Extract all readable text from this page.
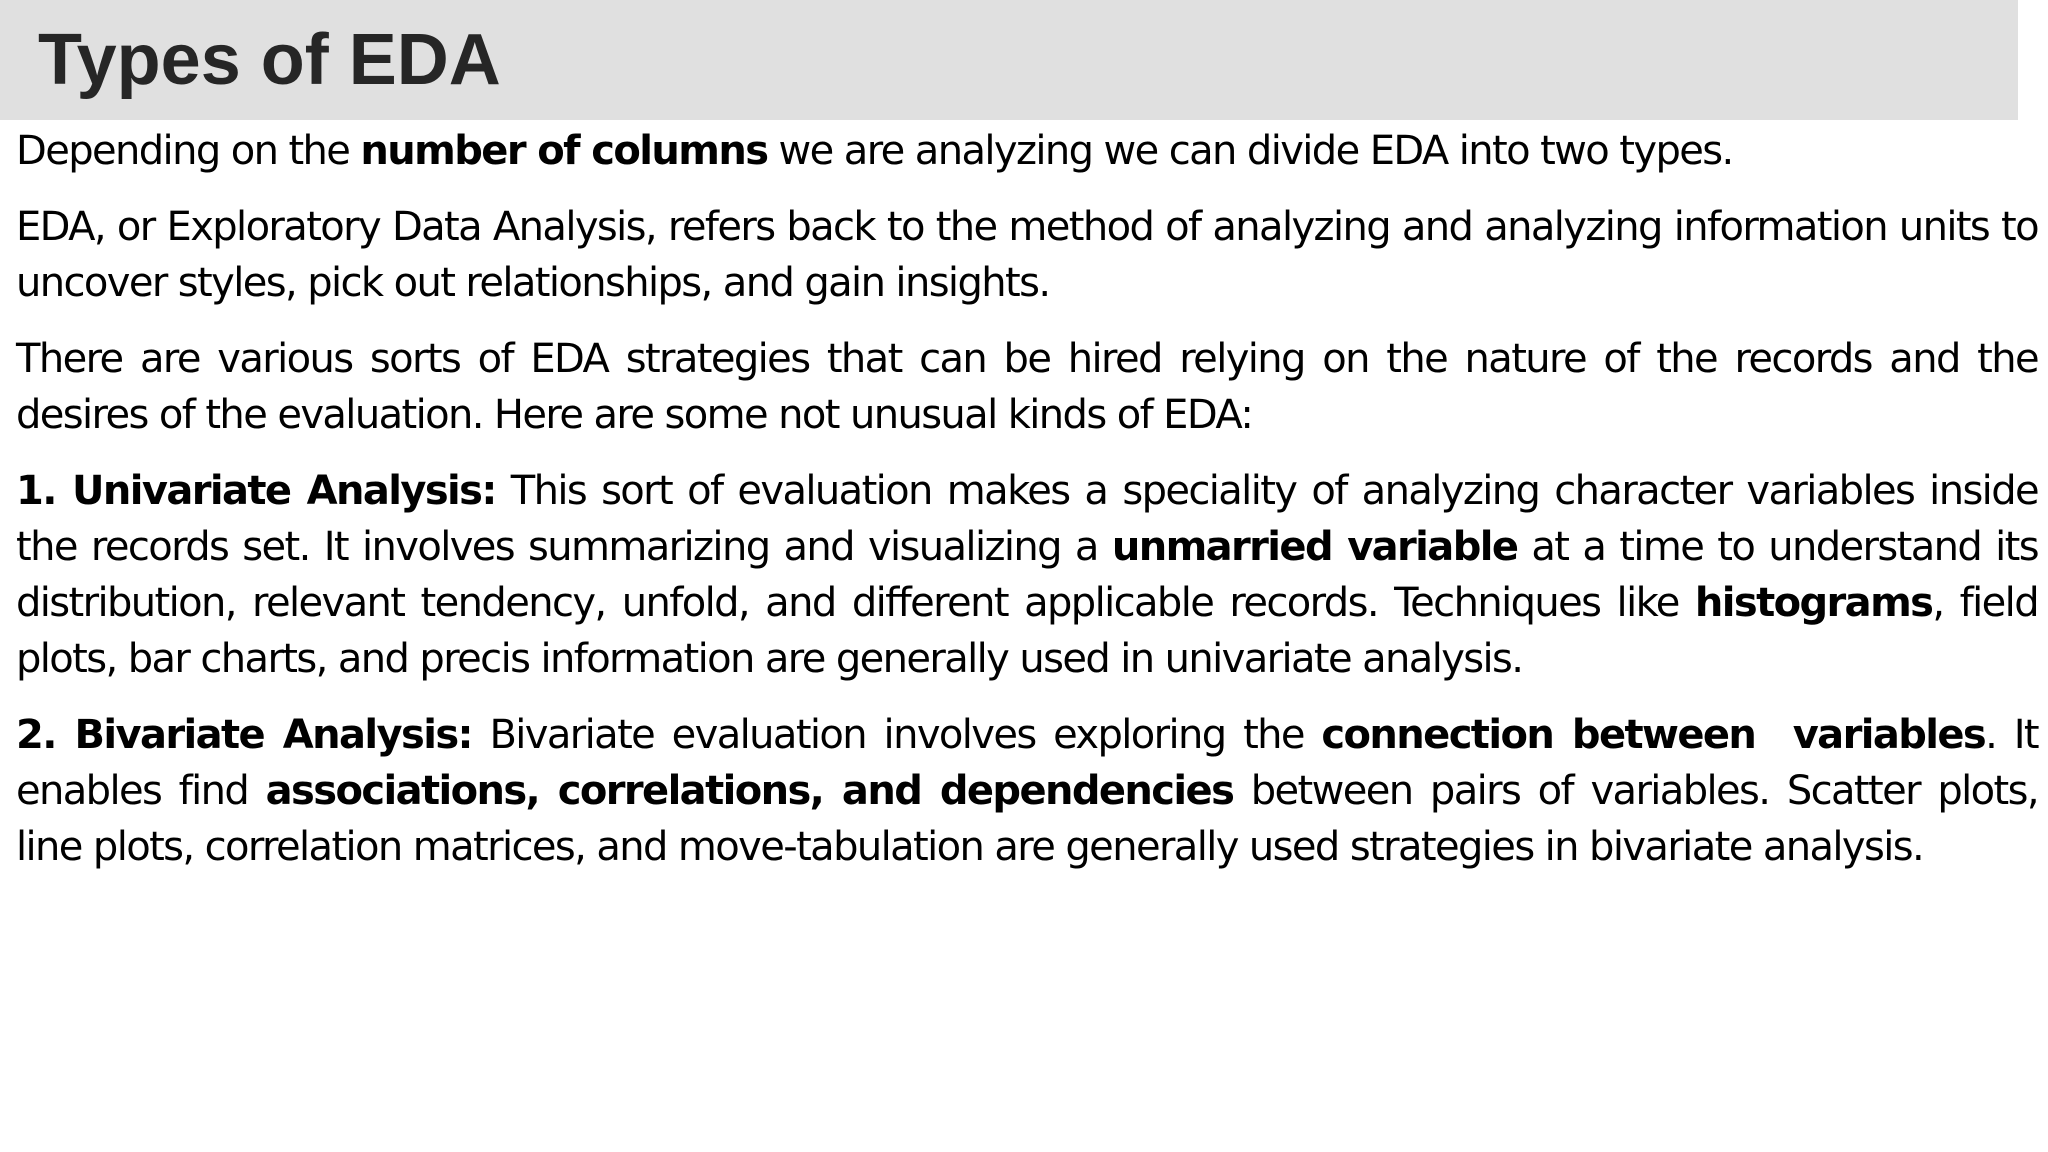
Types of EDA

Depending on the number of columns we are analyzing we can divide EDA into two types.

EDA, or Exploratory Data Analysis, refers back to the method of analyzing and analyzing information units to uncover styles, pick out relationships, and gain insights.

There are various sorts of EDA strategies that can be hired relying on the nature of the records and the desires of the evaluation. Here are some not unusual kinds of EDA:

1. Univariate Analysis: This sort of evaluation makes a speciality of analyzing character variables inside the records set. It involves summarizing and visualizing a unmarried variable at a time to understand its distribution, relevant tendency, unfold, and different applicable records. Techniques like histograms, field plots, bar charts, and precis information are generally used in univariate analysis.

2. Bivariate Analysis: Bivariate evaluation involves exploring the connection between  variables. It enables find associations, correlations, and dependencies between pairs of variables. Scatter plots, line plots, correlation matrices, and move-tabulation are generally used strategies in bivariate analysis.
